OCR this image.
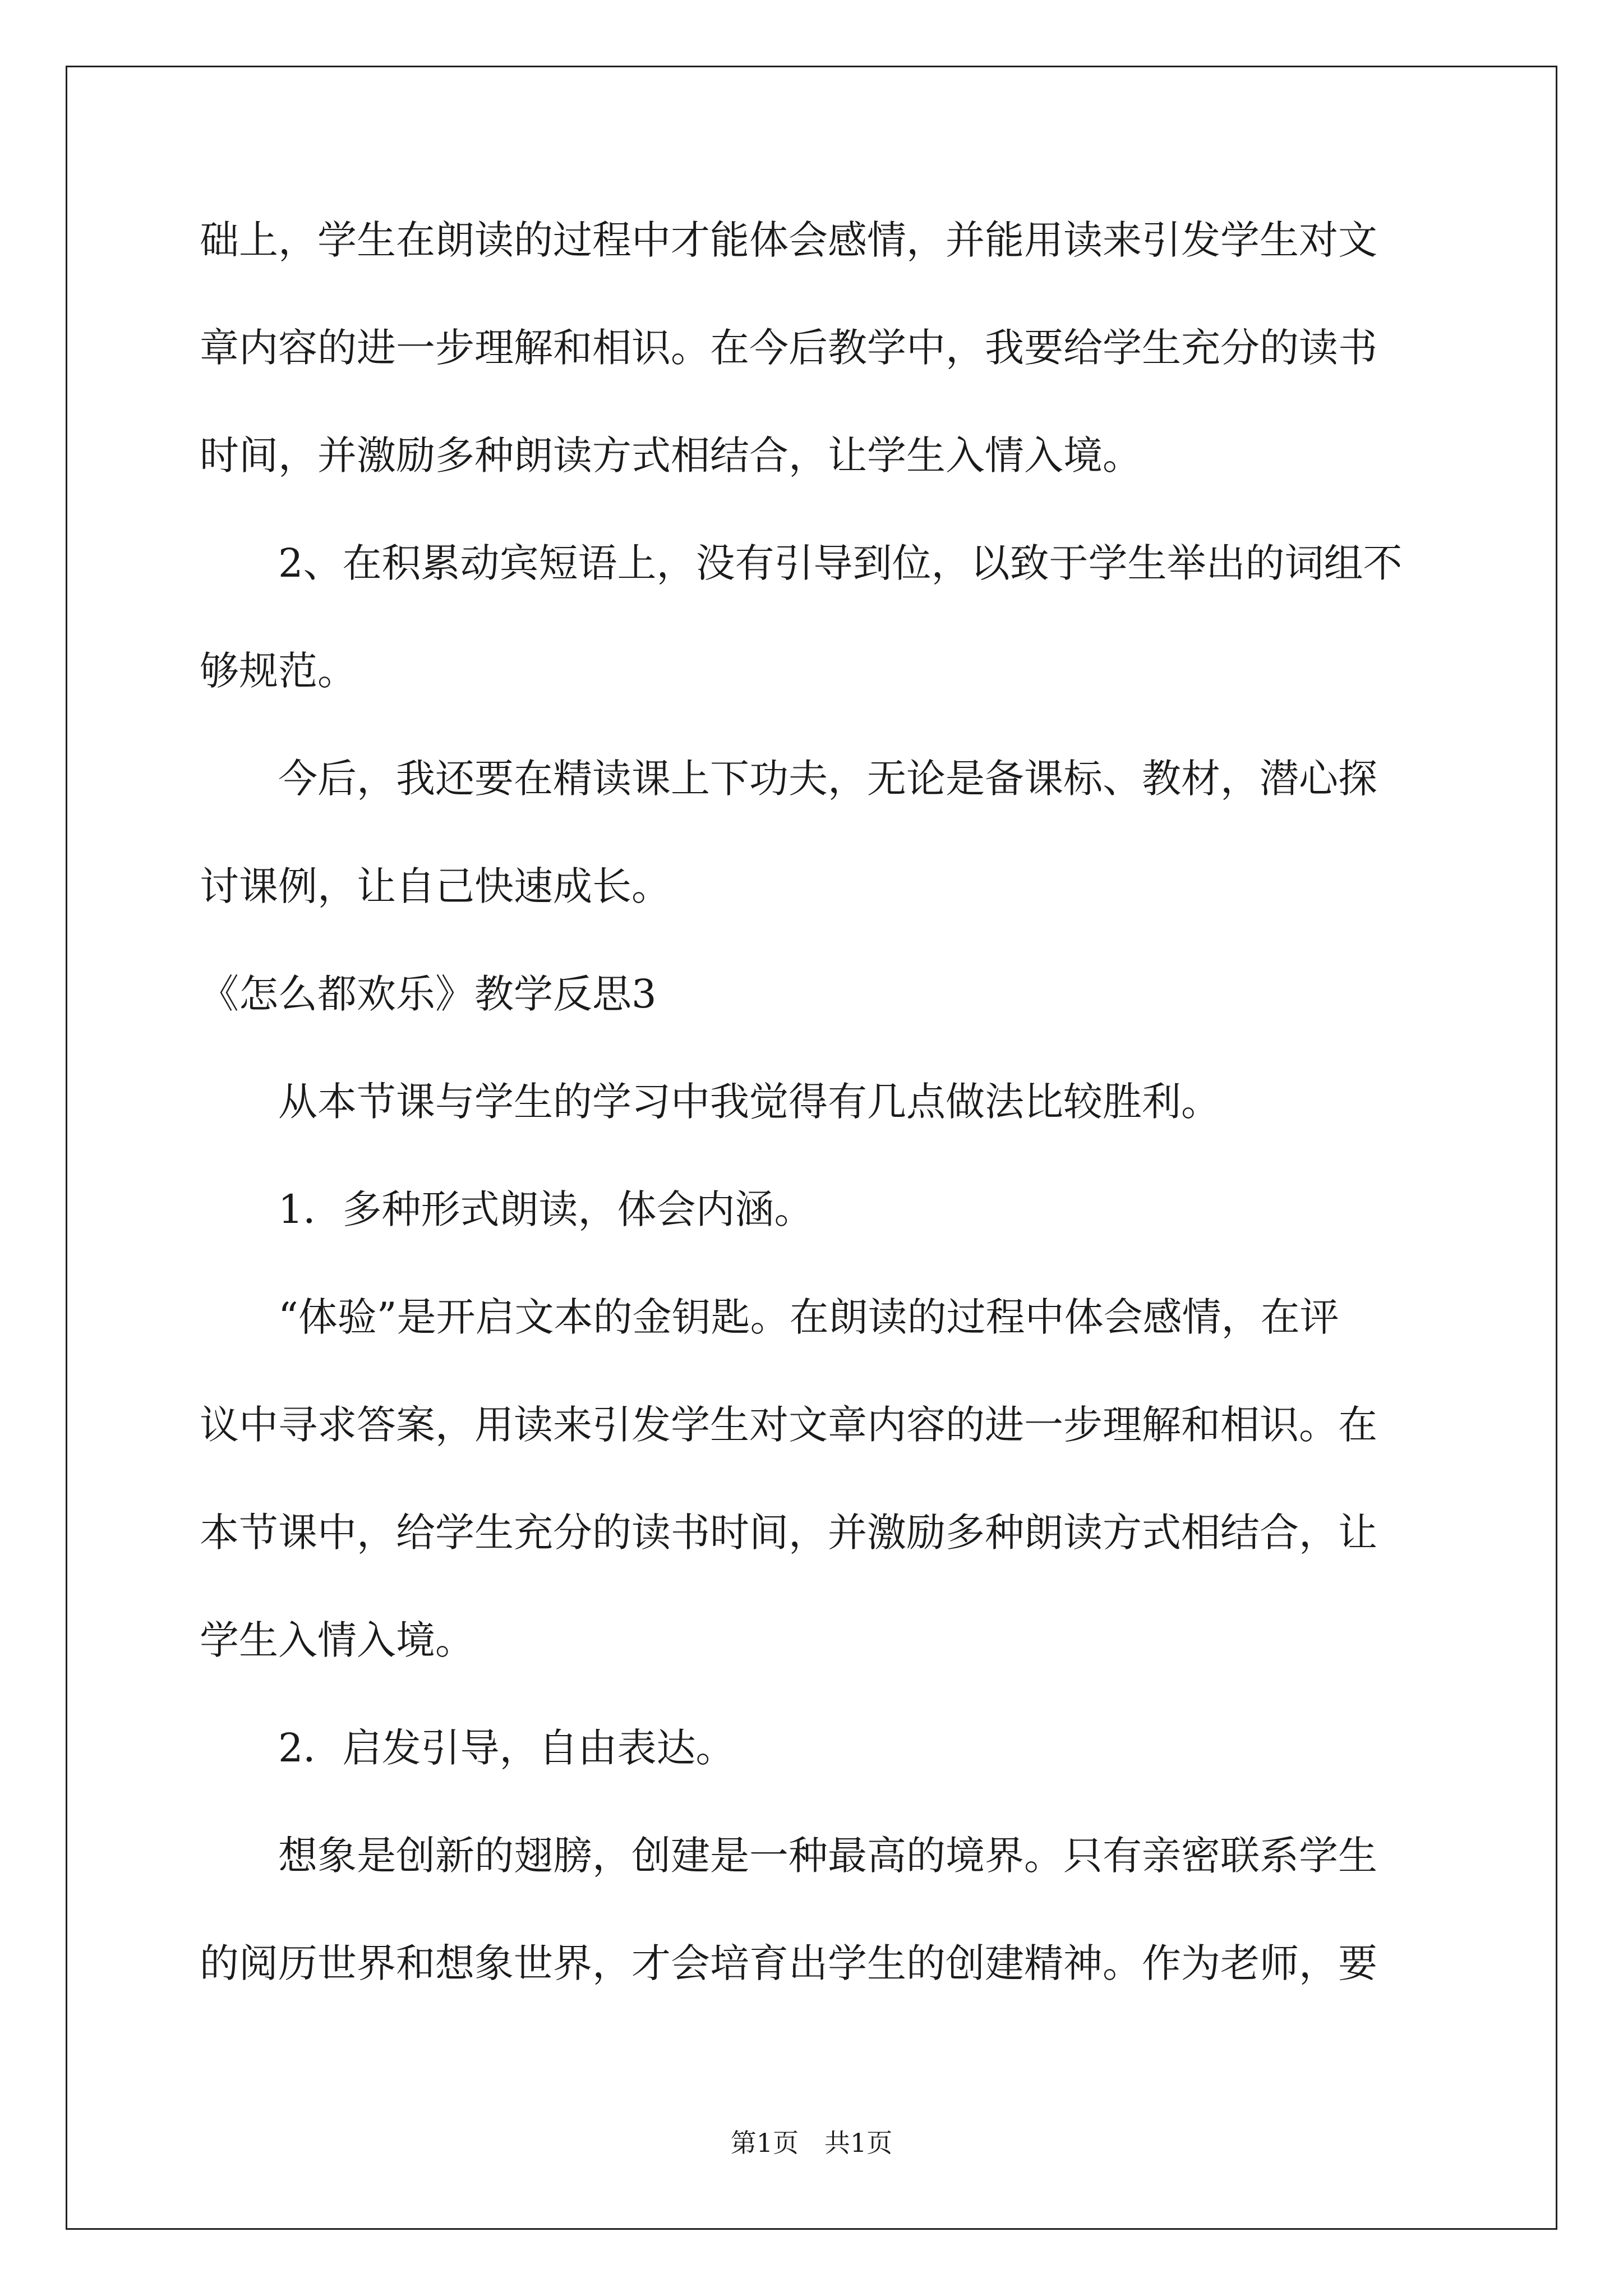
础上，学生在朗读的过程中才能体会感情，并能用读来引发学生对文
章内容的进一步理解和相识。在今后教学中，我要给学生充分的读书
时间，并激励多种朗读方式相结合，让学生入情入境。
　　2、在积累动宾短语上，没有引导到位，以致于学生举出的词组不
够规范。
　　今后，我还要在精读课上下功夫，无论是备课标、教材，潜心探
讨课例，让自己快速成长。
《怎么都欢乐》教学反思3
　　从本节课与学生的学习中我觉得有几点做法比较胜利。
　　1．多种形式朗读，体会内涵。
　　“体验”是开启文本的金钥匙。在朗读的过程中体会感情，在评
议中寻求答案，用读来引发学生对文章内容的进一步理解和相识。在
本节课中，给学生充分的读书时间，并激励多种朗读方式相结合，让
学生入情入境。
　　2．启发引导，自由表达。
　　想象是创新的翅膀，创建是一种最高的境界。只有亲密联系学生
的阅历世界和想象世界，才会培育出学生的创建精神。作为老师，要
第1页　共1页
